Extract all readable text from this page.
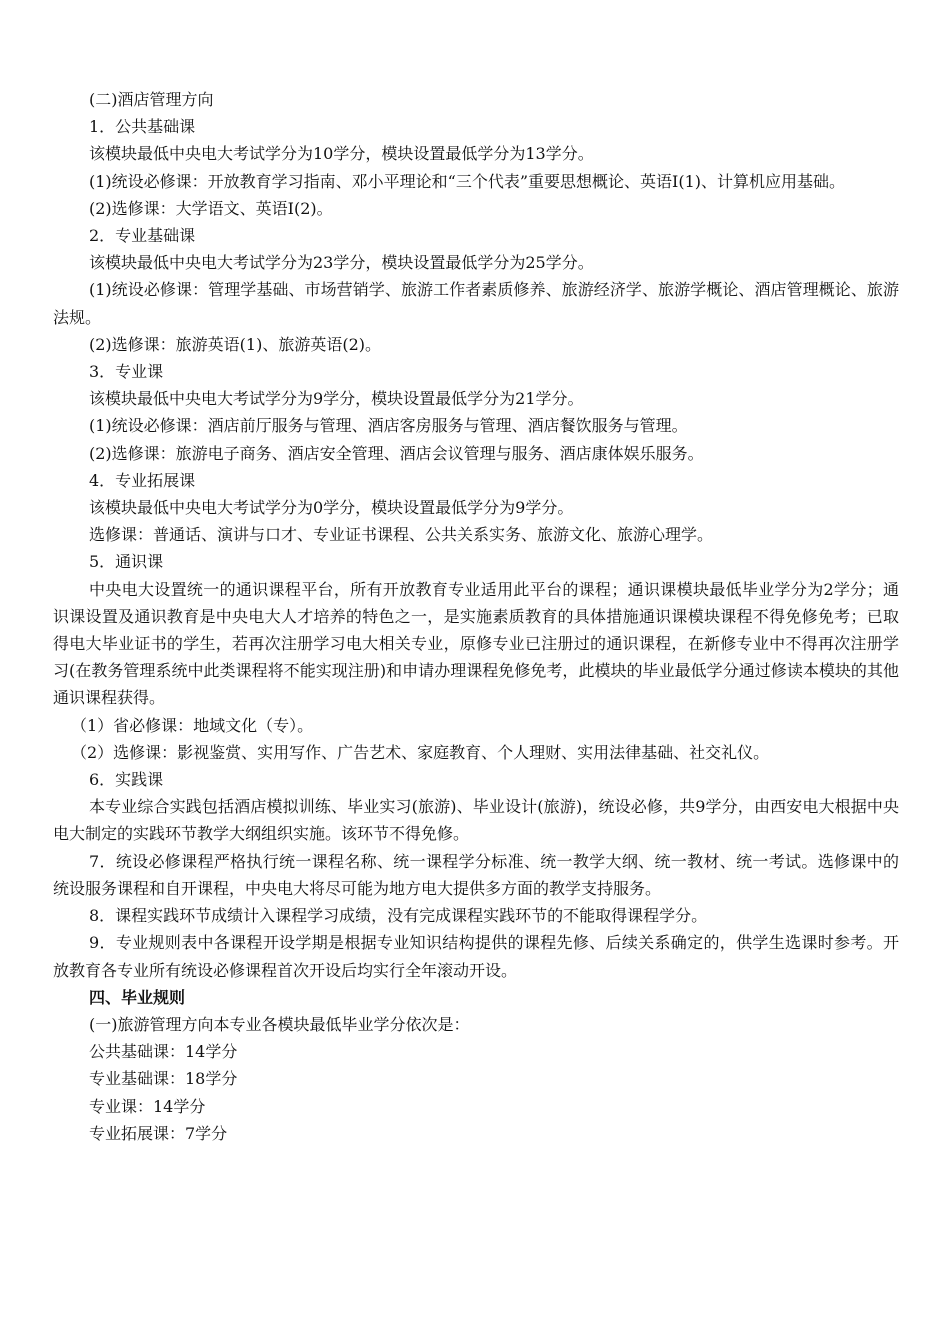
(二)酒店管理方向

1．公共基础课

该模块最低中央电大考试学分为10学分，模块设置最低学分为13学分。

(1)统设必修课：开放教育学习指南、邓小平理论和“三个代表”重要思想概论、英语Ⅰ(1)、计算机应用基础。

(2)选修课：大学语文、英语Ⅰ(2)。

2．专业基础课

该模块最低中央电大考试学分为23学分，模块设置最低学分为25学分。

(1)统设必修课：管理学基础、市场营销学、旅游工作者素质修养、旅游经济学、旅游学概论、酒店管理概论、旅游法规。

(2)选修课：旅游英语(1)、旅游英语(2)。

3．专业课

该模块最低中央电大考试学分为9学分，模块设置最低学分为21学分。

(1)统设必修课：酒店前厅服务与管理、酒店客房服务与管理、酒店餐饮服务与管理。

(2)选修课：旅游电子商务、酒店安全管理、酒店会议管理与服务、酒店康体娱乐服务。

4．专业拓展课

该模块最低中央电大考试学分为0学分，模块设置最低学分为9学分。

选修课：普通话、演讲与口才、专业证书课程、公共关系实务、旅游文化、旅游心理学。

5．通识课

中央电大设置统一的通识课程平台，所有开放教育专业适用此平台的课程；通识课模块最低毕业学分为2学分；通识课设置及通识教育是中央电大人才培养的特色之一，是实施素质教育的具体措施通识课模块课程不得免修免考；已取得电大毕业证书的学生，若再次注册学习电大相关专业，原修专业已注册过的通识课程，在新修专业中不得再次注册学习(在教务管理系统中此类课程将不能实现注册)和申请办理课程免修免考，此模块的毕业最低学分通过修读本模块的其他通识课程获得。

（1）省必修课：地域文化（专）。

（2）选修课：影视鉴赏、实用写作、广告艺术、家庭教育、个人理财、实用法律基础、社交礼仪。

6．实践课

本专业综合实践包括酒店模拟训练、毕业实习(旅游)、毕业设计(旅游)，统设必修，共9学分，由西安电大根据中央电大制定的实践环节教学大纲组织实施。该环节不得免修。

7．统设必修课程严格执行统一课程名称、统一课程学分标准、统一教学大纲、统一教材、统一考试。选修课中的统设服务课程和自开课程，中央电大将尽可能为地方电大提供多方面的教学支持服务。

8．课程实践环节成绩计入课程学习成绩，没有完成课程实践环节的不能取得课程学分。

9．专业规则表中各课程开设学期是根据专业知识结构提供的课程先修、后续关系确定的，供学生选课时参考。开放教育各专业所有统设必修课程首次开设后均实行全年滚动开设。

四、毕业规则

(一)旅游管理方向本专业各模块最低毕业学分依次是：

公共基础课：14学分

专业基础课：18学分

专业课：14学分

专业拓展课：7学分
